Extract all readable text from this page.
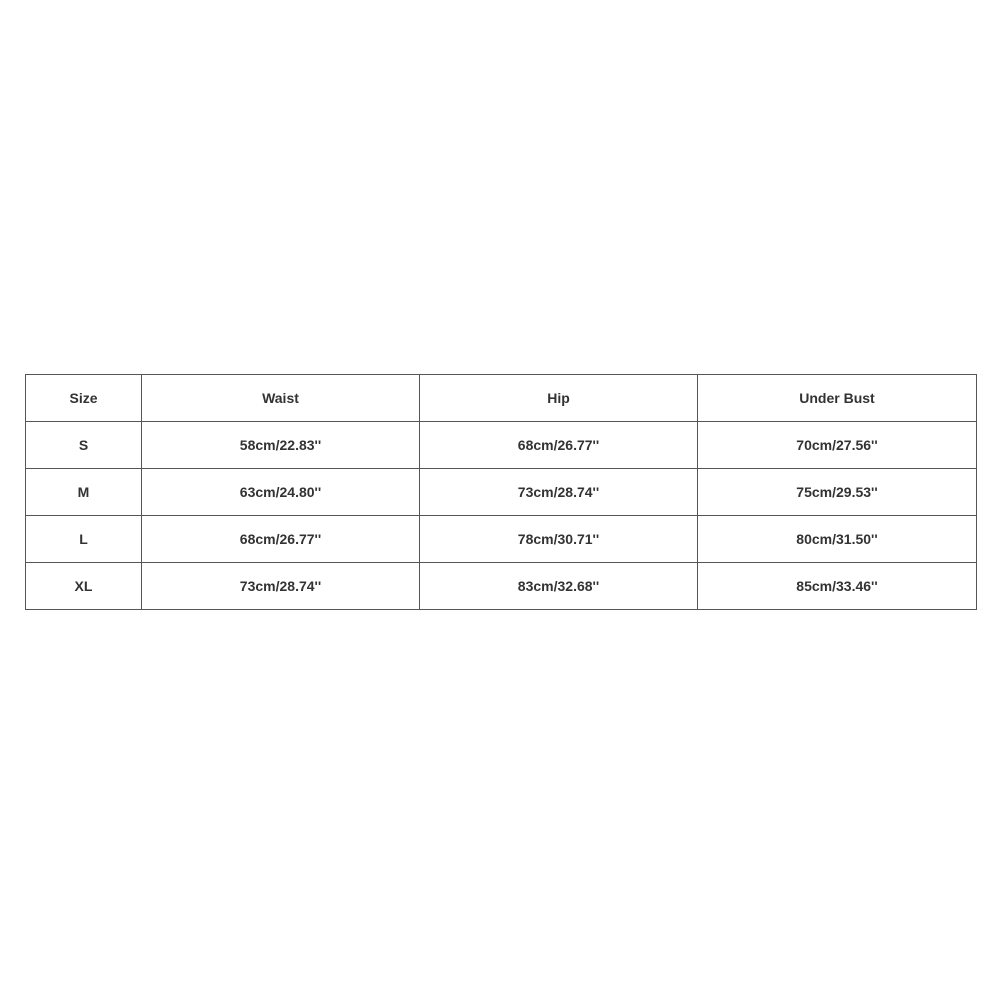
Size	Waist	Hip	Under Bust
S	58cm/22.83''	68cm/26.77''	70cm/27.56''
M	63cm/24.80''	73cm/28.74''	75cm/29.53''
L	68cm/26.77''	78cm/30.71''	80cm/31.50''
XL	73cm/28.74''	83cm/32.68''	85cm/33.46''
